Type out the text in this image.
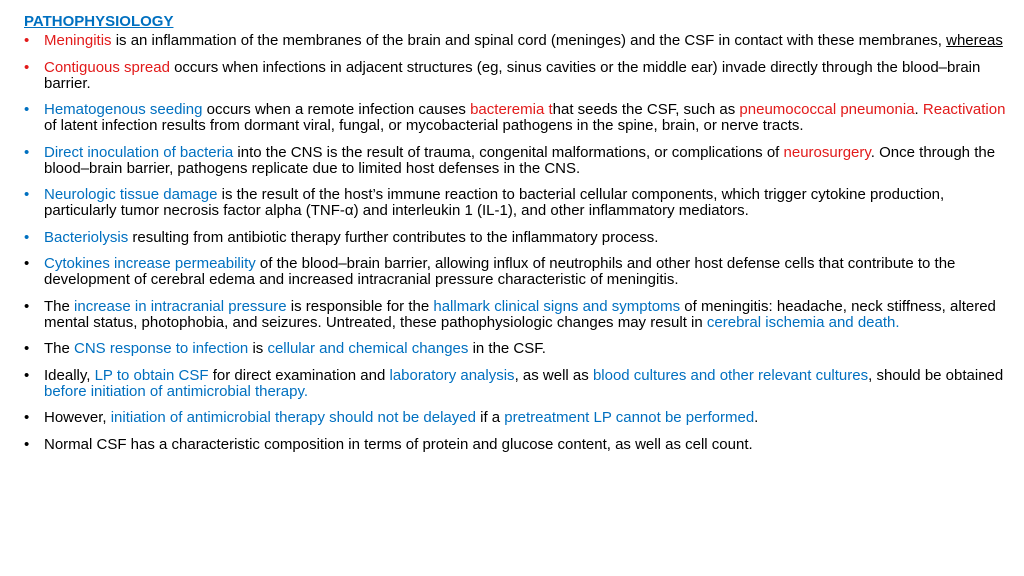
PATHOPHYSIOLOGY
• Meningitis is an inflammation of the membranes of the brain and spinal cord (meninges) and the CSF in contact with these membranes, whereas
• Contiguous spread occurs when infections in adjacent structures (eg, sinus cavities or the middle ear) invade directly through the blood–brain barrier.
• Hematogenous seeding occurs when a remote infection causes bacteremia that seeds the CSF, such as pneumococcal pneumonia. Reactivation of latent infection results from dormant viral, fungal, or mycobacterial pathogens in the spine, brain, or nerve tracts.
• Direct inoculation of bacteria into the CNS is the result of trauma, congenital malformations, or complications of neurosurgery. Once through the blood–brain barrier, pathogens replicate due to limited host defenses in the CNS.
• Neurologic tissue damage is the result of the host’s immune reaction to bacterial cellular components, which trigger cytokine production, particularly tumor necrosis factor alpha (TNF-α) and interleukin 1 (IL-1), and other inflammatory mediators.
• Bacteriolysis resulting from antibiotic therapy further contributes to the inflammatory process.
• Cytokines increase permeability of the blood–brain barrier, allowing influx of neutrophils and other host defense cells that contribute to the development of cerebral edema and increased intracranial pressure characteristic of meningitis.
• The increase in intracranial pressure is responsible for the hallmark clinical signs and symptoms of meningitis: headache, neck stiffness, altered mental status, photophobia, and seizures. Untreated, these pathophysiologic changes may result in cerebral ischemia and death.
• The CNS response to infection is cellular and chemical changes in the CSF.
• Ideally, LP to obtain CSF for direct examination and laboratory analysis, as well as blood cultures and other relevant cultures, should be obtained before initiation of antimicrobial therapy.
• However, initiation of antimicrobial therapy should not be delayed if a pretreatment LP cannot be performed.
• Normal CSF has a characteristic composition in terms of protein and glucose content, as well as cell count.
